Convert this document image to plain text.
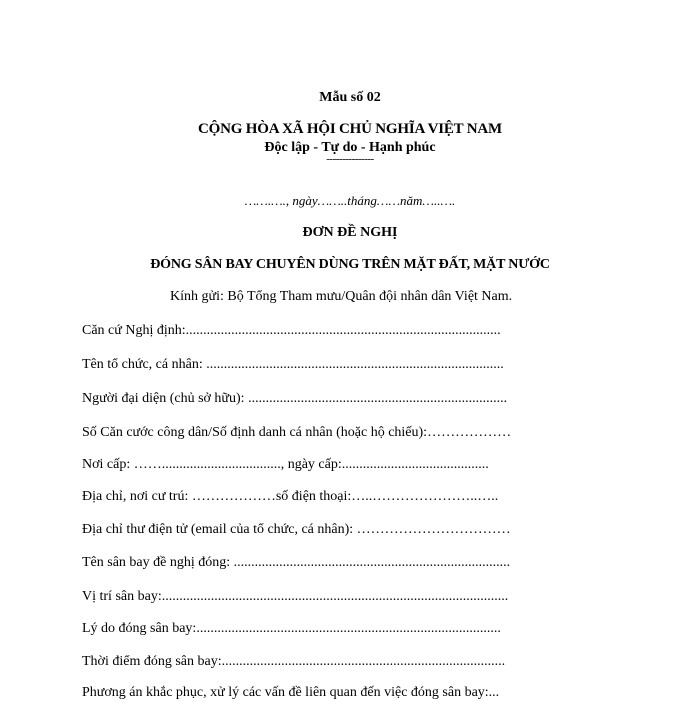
Mẫu số 02
CỘNG HÒA XÃ HỘI CHỦ NGHĨA VIỆT NAM
Độc lập - Tự do - Hạnh phúc
---------------
…….…., ngày……..tháng……năm…..….
ĐƠN ĐỀ NGHỊ
ĐÓNG SÂN BAY CHUYÊN DÙNG TRÊN MẶT ĐẤT, MẶT NƯỚC
Kính gửi: Bộ Tổng Tham mưu/Quân đội nhân dân Việt Nam.
Căn cứ Nghị định:..........................................................................................
Tên tổ chức, cá nhân: .....................................................................................
Người đại diện (chủ sở hữu): ..........................................................................
Số Căn cước công dân/Số định danh cá nhân (hoặc hộ chiếu):………………
Nơi cấp: …….................................., ngày cấp:..........................................
Địa chỉ, nơi cư trú: ………………số điện thoại:…..…………………..…..
Địa chỉ thư điện tử (email của tổ chức, cá nhân): ……………………………
Tên sân bay đề nghị đóng: ...............................................................................
Vị trí sân bay:...................................................................................................
Lý do đóng sân bay:.......................................................................................
Thời điểm đóng sân bay:.................................................................................
Phương án khắc phục, xử lý các vấn đề liên quan đến việc đóng sân bay:...
